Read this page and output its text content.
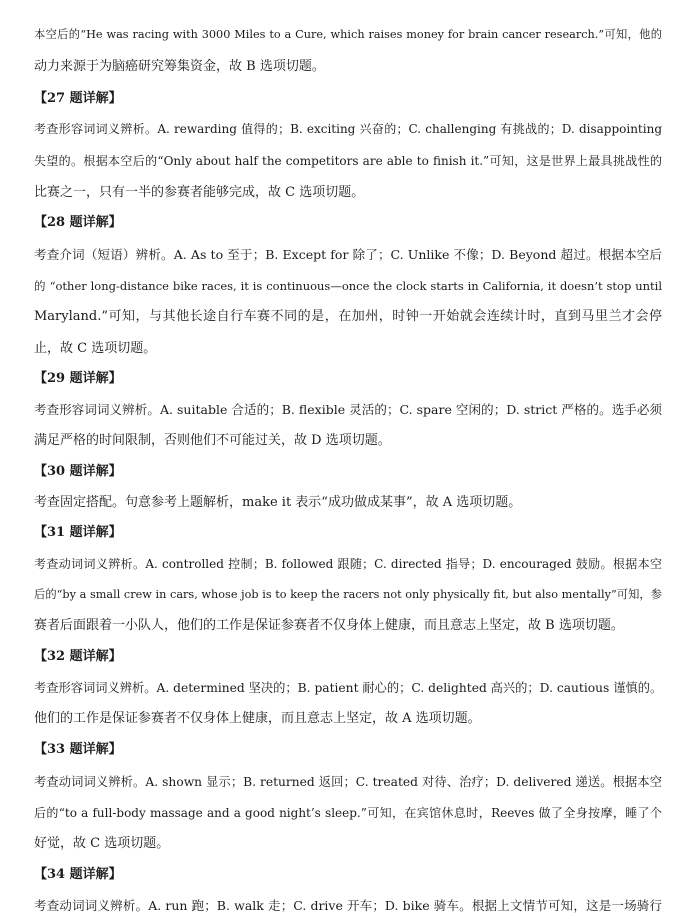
本空后的“He was racing with 3000 Miles to a Cure, which raises money for brain cancer research.”可知，他的
动力来源于为脑癌研究筹集资金，故 B 选项切题。
【27 题详解】
考查形容词词义辨析。A. rewarding 值得的；B. exciting 兴奋的；C. challenging 有挑战的；D. disappointing
失望的。根据本空后的“Only about half the competitors are able to finish it.”可知，这是世界上最具挑战性的
比赛之一，只有一半的参赛者能够完成，故 C 选项切题。
【28 题详解】
考查介词（短语）辨析。A. As to 至于；B. Except for 除了；C. Unlike 不像；D. Beyond 超过。根据本空后
的 “other long-distance bike races, it is continuous—once the clock starts in California, it doesn’t stop until
Maryland.”可知，与其他长途自行车赛不同的是，在加州，时钟一开始就会连续计时，直到马里兰才会停
止，故 C 选项切题。
【29 题详解】
考查形容词词义辨析。A. suitable 合适的；B. flexible 灵活的；C. spare 空闲的；D. strict 严格的。选手必须
满足严格的时间限制，否则他们不可能过关，故 D 选项切题。
【30 题详解】
考查固定搭配。句意参考上题解析，make it 表示“成功做成某事”，故 A 选项切题。
【31 题详解】
考查动词词义辨析。A. controlled 控制；B. followed 跟随；C. directed 指导；D. encouraged 鼓励。根据本空
后的“by a small crew in cars, whose job is to keep the racers not only physically fit, but also mentally”可知，参
赛者后面跟着一小队人，他们的工作是保证参赛者不仅身体上健康，而且意志上坚定，故 B 选项切题。
【32 题详解】
考查形容词词义辨析。A. determined 坚决的；B. patient 耐心的；C. delighted 高兴的；D. cautious 谨慎的。
他们的工作是保证参赛者不仅身体上健康，而且意志上坚定，故 A 选项切题。
【33 题详解】
考查动词词义辨析。A. shown 显示；B. returned 返回；C. treated 对待、治疗；D. delivered 递送。根据本空
后的“to a full-body massage and a good night’s sleep.”可知，在宾馆休息时，Reeves 做了全身按摩，睡了个
好觉，故 C 选项切题。
【34 题详解】
考查动词词义辨析。A. run 跑；B. walk 走；C. drive 开车；D. bike 骑车。根据上文情节可知，这是一场骑行
